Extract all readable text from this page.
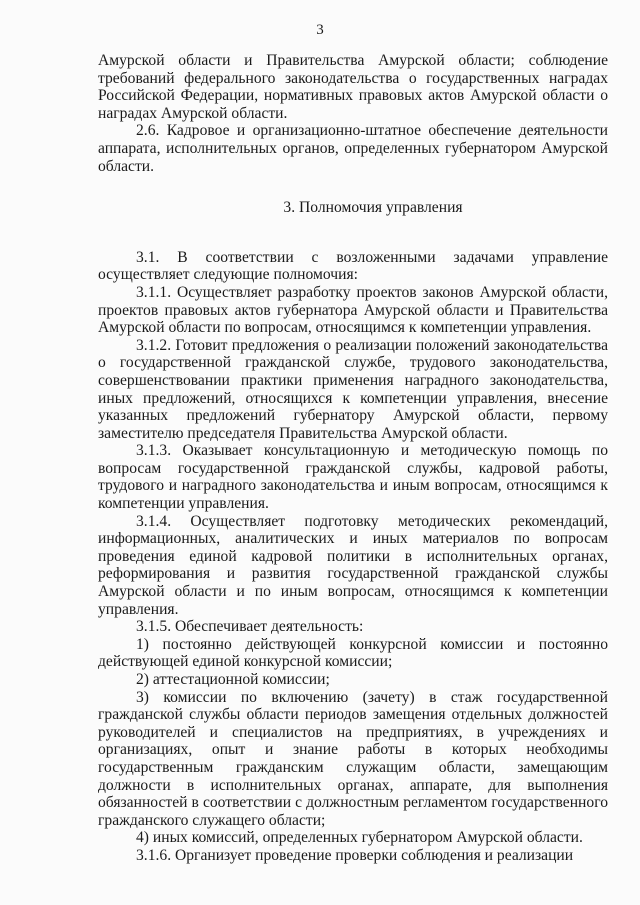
3

Амурской области и Правительства Амурской области; соблюдение требований федерального законодательства о государственных наградах Российской Федерации, нормативных правовых актов Амурской области о наградах Амурской области.

2.6. Кадровое и организационно-штатное обеспечение деятельности аппарата, исполнительных органов, определенных губернатором Амурской области.

3. Полномочия управления

3.1. В соответствии с возложенными задачами управление осуществляет следующие полномочия:

3.1.1. Осуществляет разработку проектов законов Амурской области, проектов правовых актов губернатора Амурской области и Правительства Амурской области по вопросам, относящимся к компетенции управления.

3.1.2. Готовит предложения о реализации положений законодательства о государственной гражданской службе, трудового законодательства, совершенствовании практики применения наградного законодательства, иных предложений, относящихся к компетенции управления, внесение указанных предложений губернатору Амурской области, первому заместителю председателя Правительства Амурской области.

3.1.3. Оказывает консультационную и методическую помощь по вопросам государственной гражданской службы, кадровой работы, трудового и наградного законодательства и иным вопросам, относящимся к компетенции управления.

3.1.4. Осуществляет подготовку методических рекомендаций, информационных, аналитических и иных материалов по вопросам проведения единой кадровой политики в исполнительных органах, реформирования и развития государственной гражданской службы Амурской области и по иным вопросам, относящимся к компетенции управления.

3.1.5. Обеспечивает деятельность:

1) постоянно действующей конкурсной комиссии и постоянно действующей единой конкурсной комиссии;

2) аттестационной комиссии;

3) комиссии по включению (зачету) в стаж государственной гражданской службы области периодов замещения отдельных должностей руководителей и специалистов на предприятиях, в учреждениях и организациях, опыт и знание работы в которых необходимы государственным гражданским служащим области, замещающим должности в исполнительных органах, аппарате, для выполнения обязанностей в соответствии с должностным регламентом государственного гражданского служащего области;

4) иных комиссий, определенных губернатором Амурской области.

3.1.6. Организует проведение проверки соблюдения и реализации
